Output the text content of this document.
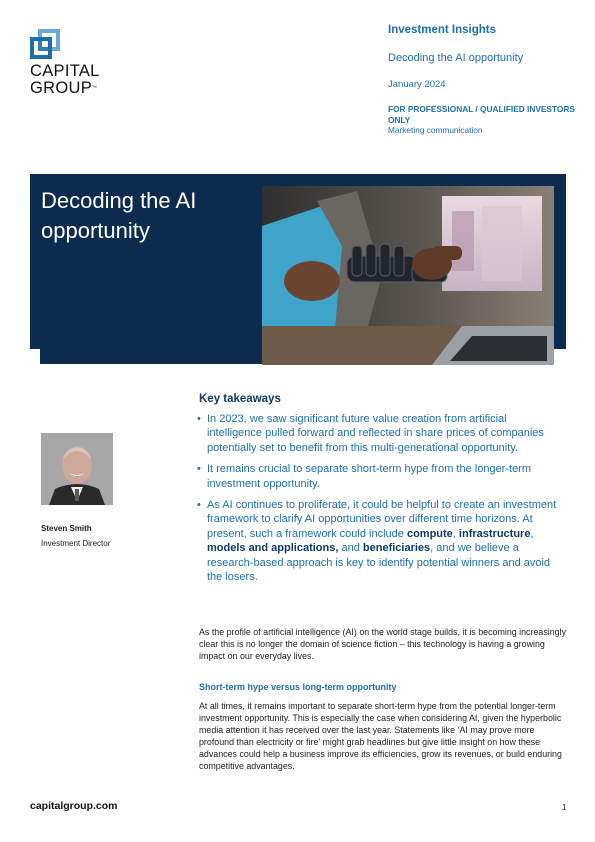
CAPITAL
GROUP™
Investment Insights
Decoding the AI opportunity
January 2024
FOR PROFESSIONAL / QUALIFIED INVESTORS ONLY
Marketing communication
Decoding the AI opportunity
Steven Smith
Investment Director
Key takeaways
• In 2023, we saw significant future value creation from artificial intelligence pulled forward and reflected in share prices of companies potentially set to benefit from this multi-generational opportunity.
• It remains crucial to separate short-term hype from the longer-term investment opportunity.
• As AI continues to proliferate, it could be helpful to create an investment framework to clarify AI opportunities over different time horizons. At present, such a framework could include compute, infrastructure, models and applications, and beneficiaries, and we believe a research-based approach is key to identify potential winners and avoid the losers.

As the profile of artificial intelligence (AI) on the world stage builds, it is becoming increasingly clear this is no longer the domain of science fiction – this technology is having a growing impact on our everyday lives.

Short-term hype versus long-term opportunity

At all times, it remains important to separate short-term hype from the potential longer-term investment opportunity. This is especially the case when considering AI, given the hyperbolic media attention it has received over the last year. Statements like ‘AI may prove more profound than electricity or fire’ might grab headlines but give little insight on how these advances could help a business improve its efficiencies, grow its revenues, or build enduring competitive advantages.

capitalgroup.com	1
